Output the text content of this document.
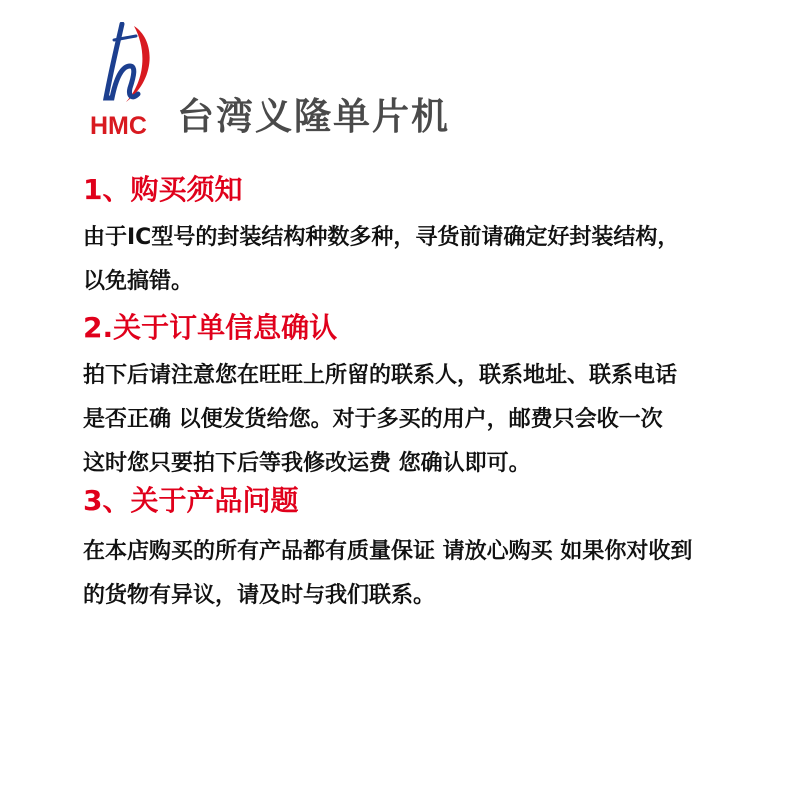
HMC 台湾义隆单片机
1、购买须知
由于IC型号的封装结构种数多种，寻货前请确定好封装结构，
以免搞错。
2.关于订单信息确认
拍下后请注意您在旺旺上所留的联系人，联系地址、联系电话
是否正确 以便发货给您。对于多买的用户，邮费只会收一次
这时您只要拍下后等我修改运费 您确认即可。
3、关于产品问题
在本店购买的所有产品都有质量保证 请放心购买 如果你对收到
的货物有异议，请及时与我们联系。
